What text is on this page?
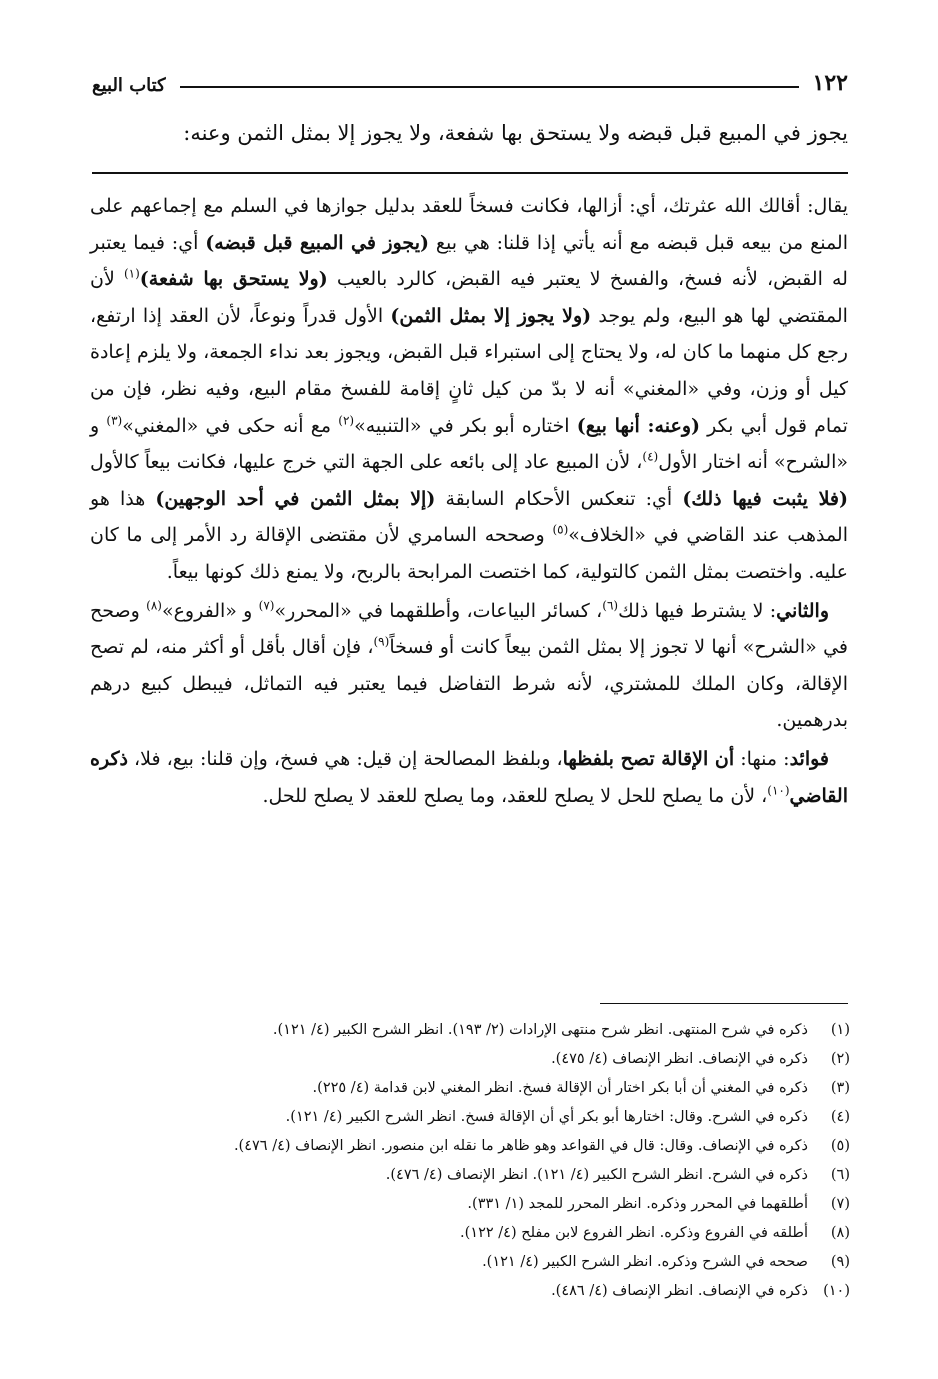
١٢٢
كتاب البيع
يجوز في المبيع قبل قبضه ولا يستحق بها شفعة، ولا يجوز إلا بمثل الثمن وعنه:

يقال: أقالك الله عثرتك، أي: أزالها، فكانت فسخاً للعقد بدليل جوازها في السلم مع إجماعهم على المنع من بيعه قبل قبضه مع أنه يأتي إذا قلنا: هي بيع (يجوز في المبيع قبل قبضه) أي: فيما يعتبر له القبض، لأنه فسخ، والفسخ لا يعتبر فيه القبض، كالرد بالعيب (ولا يستحق بها شفعة)$^{(١)}$ لأن المقتضي لها هو البيع، ولم يوجد (ولا يجوز إلا بمثل الثمن) الأول قدراً ونوعاً، لأن العقد إذا ارتفع، رجع كل منهما ما كان له، ولا يحتاج إلى استبراء قبل القبض، ويجوز بعد نداء الجمعة، ولا يلزم إعادة كيل أو وزن، وفي «المغني» أنه لا بدّ من كيل ثانٍ إقامة للفسخ مقام البيع، وفيه نظر، فإن من تمام قول أبي بكر (وعنه: أنها بيع) اختاره أبو بكر في «التنبيه»$^{(٢)}$ مع أنه حكى في «المغني»$^{(٣)}$ و «الشرح» أنه اختار الأول$^{(٤)}$، لأن المبيع عاد إلى بائعه على الجهة التي خرج عليها، فكانت بيعاً كالأول (فلا يثبت فيها ذلك) أي: تنعكس الأحكام السابقة (إلا بمثل الثمن في أحد الوجهين) هذا هو المذهب عند القاضي في «الخلاف»$^{(٥)}$ وصححه السامري لأن مقتضى الإقالة رد الأمر إلى ما كان عليه. واختصت بمثل الثمن كالتولية، كما اختصت المرابحة بالربح، ولا يمنع ذلك كونها بيعاً.

 والثاني: لا يشترط فيها ذلك$^{(٦)}$، كسائر البياعات، وأطلقهما في «المحرر»$^{(٧)}$ و «الفروع»$^{(٨)}$ وصحح في «الشرح» أنها لا تجوز إلا بمثل الثمن بيعاً كانت أو فسخاً$^{(٩)}$، فإن أقال بأقل أو أكثر منه، لم تصح الإقالة، وكان الملك للمشتري، لأنه شرط التفاضل فيما يعتبر فيه التماثل، فيبطل كبيع درهم بدرهمين.

 فوائد: منها: أن الإقالة تصح بلفظها، وبلفظ المصالحة إن قيل: هي فسخ، وإن قلنا: بيع، فلا، ذكره القاضي$^{(١٠)}$، لأن ما يصلح للحل لا يصلح للعقد، وما يصلح للعقد لا يصلح للحل.

(١)
ذكره في شرح المنتهى. انظر شرح منتهى الإرادات (٢/ ١٩٣). انظر الشرح الكبير (٤/ ١٢١).
(٢)
ذكره في الإنصاف. انظر الإنصاف (٤/ ٤٧٥).
(٣)
ذكره في المغني أن أبا بكر اختار أن الإقالة فسخ. انظر المغني لابن قدامة (٤/ ٢٢٥).
(٤)
ذكره في الشرح. وقال: اختارها أبو بكر أي أن الإقالة فسخ. انظر الشرح الكبير (٤/ ١٢١).
(٥)
ذكره في الإنصاف. وقال: قال في القواعد وهو ظاهر ما نقله ابن منصور. انظر الإنصاف (٤/ ٤٧٦).
(٦)
ذكره في الشرح. انظر الشرح الكبير (٤/ ١٢١). انظر الإنصاف (٤/ ٤٧٦).
(٧)
أطلقهما في المحرر وذكره. انظر المحرر للمجد (١/ ٣٣١).
(٨)
أطلقه في الفروع وذكره. انظر الفروع لابن مفلح (٤/ ١٢٢).
(٩)
صححه في الشرح وذكره. انظر الشرح الكبير (٤/ ١٢١).
(١٠)
ذكره في الإنصاف. انظر الإنصاف (٤/ ٤٨٦).
